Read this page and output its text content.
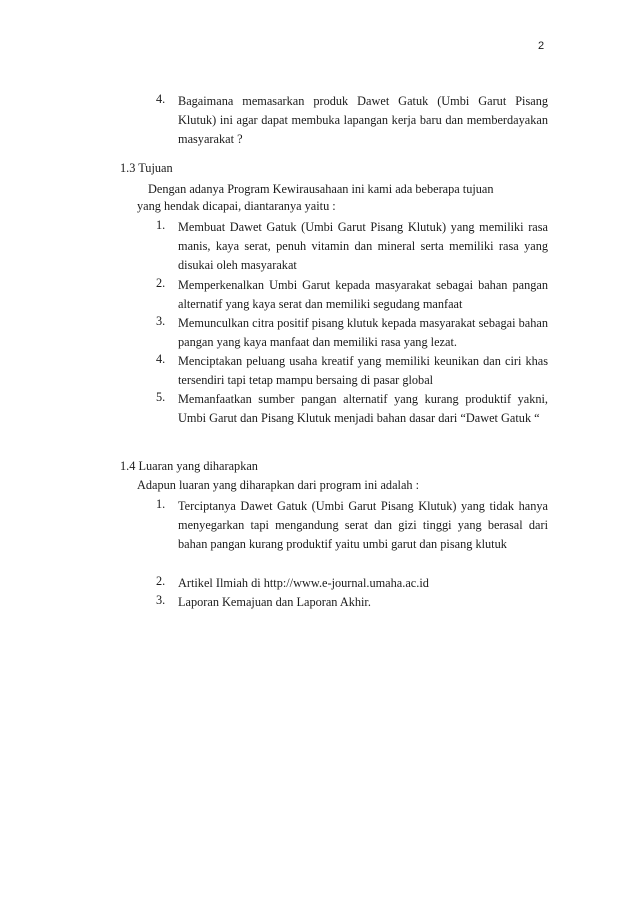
2
4.	Bagaimana memasarkan produk Dawet Gatuk (Umbi Garut Pisang Klutuk) ini agar dapat membuka lapangan kerja baru dan memberdayakan masyarakat ?
1.3 Tujuan
Dengan adanya Program Kewirausahaan ini kami ada beberapa tujuan
yang hendak dicapai, diantaranya yaitu :
1.	Membuat Dawet Gatuk (Umbi Garut Pisang Klutuk) yang memiliki rasa manis, kaya serat, penuh vitamin dan mineral serta memiliki rasa yang disukai oleh masyarakat
2.	Memperkenalkan Umbi Garut kepada masyarakat sebagai bahan pangan alternatif yang kaya serat dan memiliki segudang manfaat
3.	Memunculkan citra positif pisang klutuk kepada masyarakat sebagai bahan pangan yang kaya manfaat dan memiliki rasa yang lezat.
4.	Menciptakan peluang usaha kreatif yang memiliki keunikan dan ciri khas tersendiri tapi tetap mampu bersaing di pasar global
5.	Memanfaatkan sumber pangan alternatif yang kurang produktif yakni, Umbi Garut dan Pisang Klutuk menjadi bahan dasar dari “Dawet Gatuk “
1.4 Luaran yang diharapkan
Adapun luaran yang diharapkan dari program ini adalah :
1.	Terciptanya Dawet Gatuk (Umbi Garut Pisang Klutuk) yang tidak hanya menyegarkan tapi mengandung serat dan gizi tinggi yang berasal dari bahan pangan kurang produktif yaitu umbi garut dan pisang klutuk
2.	Artikel Ilmiah di http://www.e-journal.umaha.ac.id
3.	Laporan Kemajuan dan Laporan Akhir.
